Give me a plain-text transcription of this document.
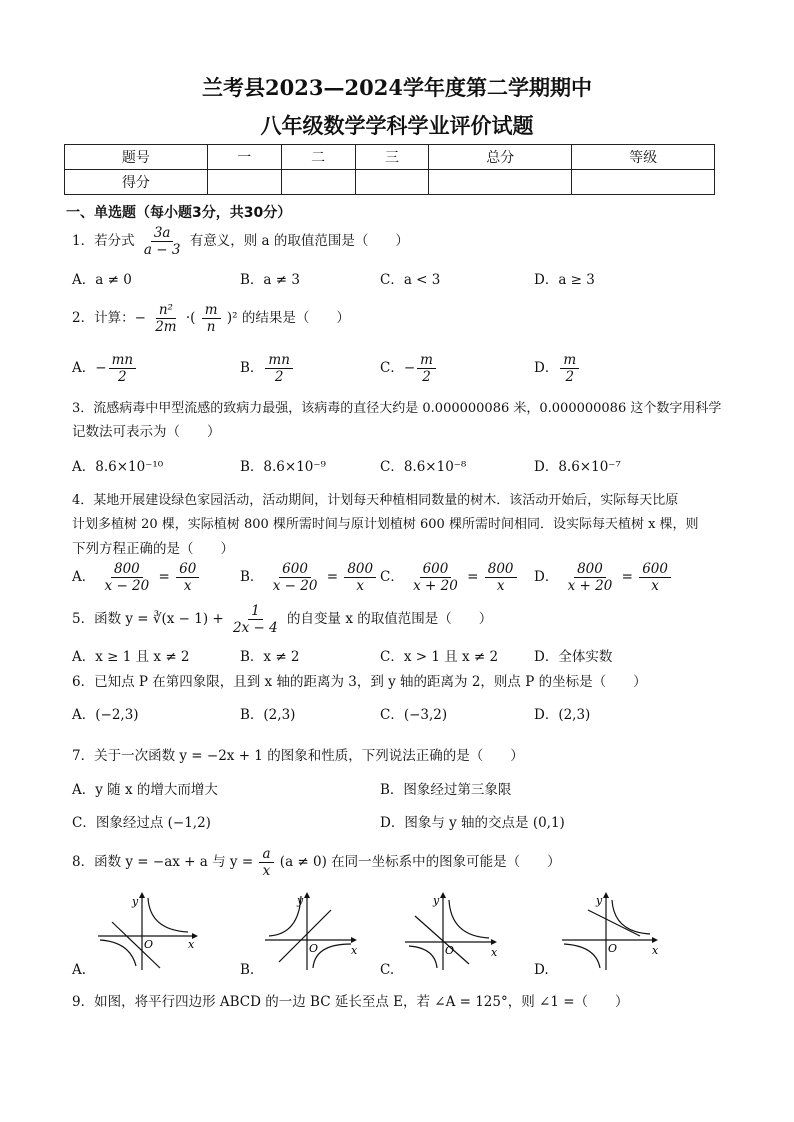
兰考县2023—2024学年度第二学期期中
八年级数学学科学业评价试题
题号	一	二	三	总分	等级
得分					
一、单选题（每小题3分，共30分）
1．若分式 $\frac{3a}{a - 3}$ 有意义，则 a 的取值范围是（　　）
A．a ≠ 0	B．a ≠ 3	C．a < 3	D．a ≥ 3
2．计算：− $\frac{\text{n²}}{2m}$ ·( $\frac{m}{n} )^2$ 的结果是（　　）
A．− $\frac{mn}{2}$	B． $\frac{mn}{2}$	C．− $\frac{m}{2}$	D． $\frac{m}{2}$
3．流感病毒中甲型流感的致病力最强，该病毒的直径大约是 0.000000086 米，0.000000086 这个数字用科学
记数法可表示为（　　）
A．8.6×10⁻¹⁰	B．8.6×10⁻⁹	C．8.6×10⁻⁸	D．8.6×10⁻⁷
4．某地开展建设绿色家园活动，活动期间，计划每天种植相同数量的树木．该活动开始后，实际每天比原
计划多植树 20 棵，实际植树 800 棵所需时间与原计划植树 600 棵所需时间相同．设实际每天植树 x 棵，则
下列方程正确的是（　　）
A． $\frac{800}{x - 20} = \frac{60}{x}$	B． $\frac{600}{x - 20} = \frac{800}{x}$ C． $\frac{600}{x + 20} = \frac{800}{x}$ D． $\frac{800}{x + 20} = \frac{600}{x}$
5．函数 y = ∛(x − $1) + \frac{1}{2x - 4}$ 的自变量 x 的取值范围是（　　）
A．x ≥ 1 且 x ≠ 2	B．x ≠ 2	C．x > 1 且 x ≠ 2	D．全体实数
6．已知点 P 在第四象限，且到 x 轴的距离为 3，到 y 轴的距离为 2，则点 P 的坐标是（　　）
A．(−2,3)	B．(2,3)	C．(−3,2)	D．(2,3)
7．关于一次函数 y = −2x + 1 的图象和性质，下列说法正确的是（　　）
A．y 随 x 的增大而增大	B．图象经过第三象限
C．图象经过点 (−1,2)	D．图象与 y 轴的交点是 (0,1)
8．函数 y = −ax + a 与 $y = \frac{a}{x} (a \ne 0)$ 在同一坐标系中的图象可能是（　　）
y
x
O
A.
y
x
O
B.
y
x
O
C.
y
x
O
D.
9．如图，将平行四边形 ABCD 的一边 BC 延长至点 E，若 ∠A = 125°，则 ∠1 =（　　）
